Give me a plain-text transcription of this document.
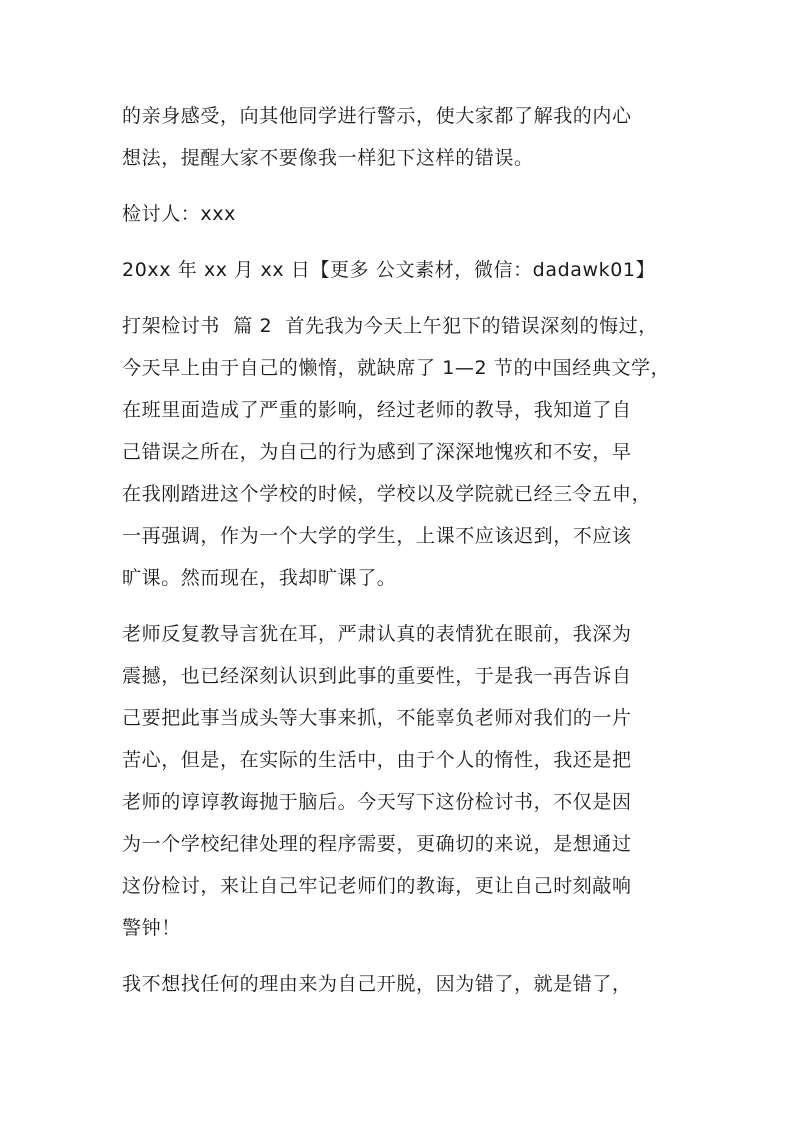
的亲身感受，向其他同学进行警示，使大家都了解我的内心

想法，提醒大家不要像我一样犯下这样的错误。

检讨人：xxx

20xx 年 xx 月 xx 日【更多 公文素材，微信：dadawk01】

打架检讨书  篇 2  首先我为今天上午犯下的错误深刻的悔过，

今天早上由于自己的懒惰，就缺席了 1—2 节的中国经典文学，

在班里面造成了严重的影响，经过老师的教导，我知道了自

己错误之所在，为自己的行为感到了深深地愧疚和不安，早

在我刚踏进这个学校的时候，学校以及学院就已经三令五申，

一再强调，作为一个大学的学生，上课不应该迟到，不应该

旷课。然而现在，我却旷课了。

老师反复教导言犹在耳，严肃认真的表情犹在眼前，我深为

震撼，也已经深刻认识到此事的重要性，于是我一再告诉自

己要把此事当成头等大事来抓，不能辜负老师对我们的一片

苦心，但是，在实际的生活中，由于个人的惰性，我还是把

老师的谆谆教诲抛于脑后。今天写下这份检讨书，不仅是因

为一个学校纪律处理的程序需要，更确切的来说，是想通过

这份检讨，来让自己牢记老师们的教诲，更让自己时刻敲响

警钟！

我不想找任何的理由来为自己开脱，因为错了，就是错了，
